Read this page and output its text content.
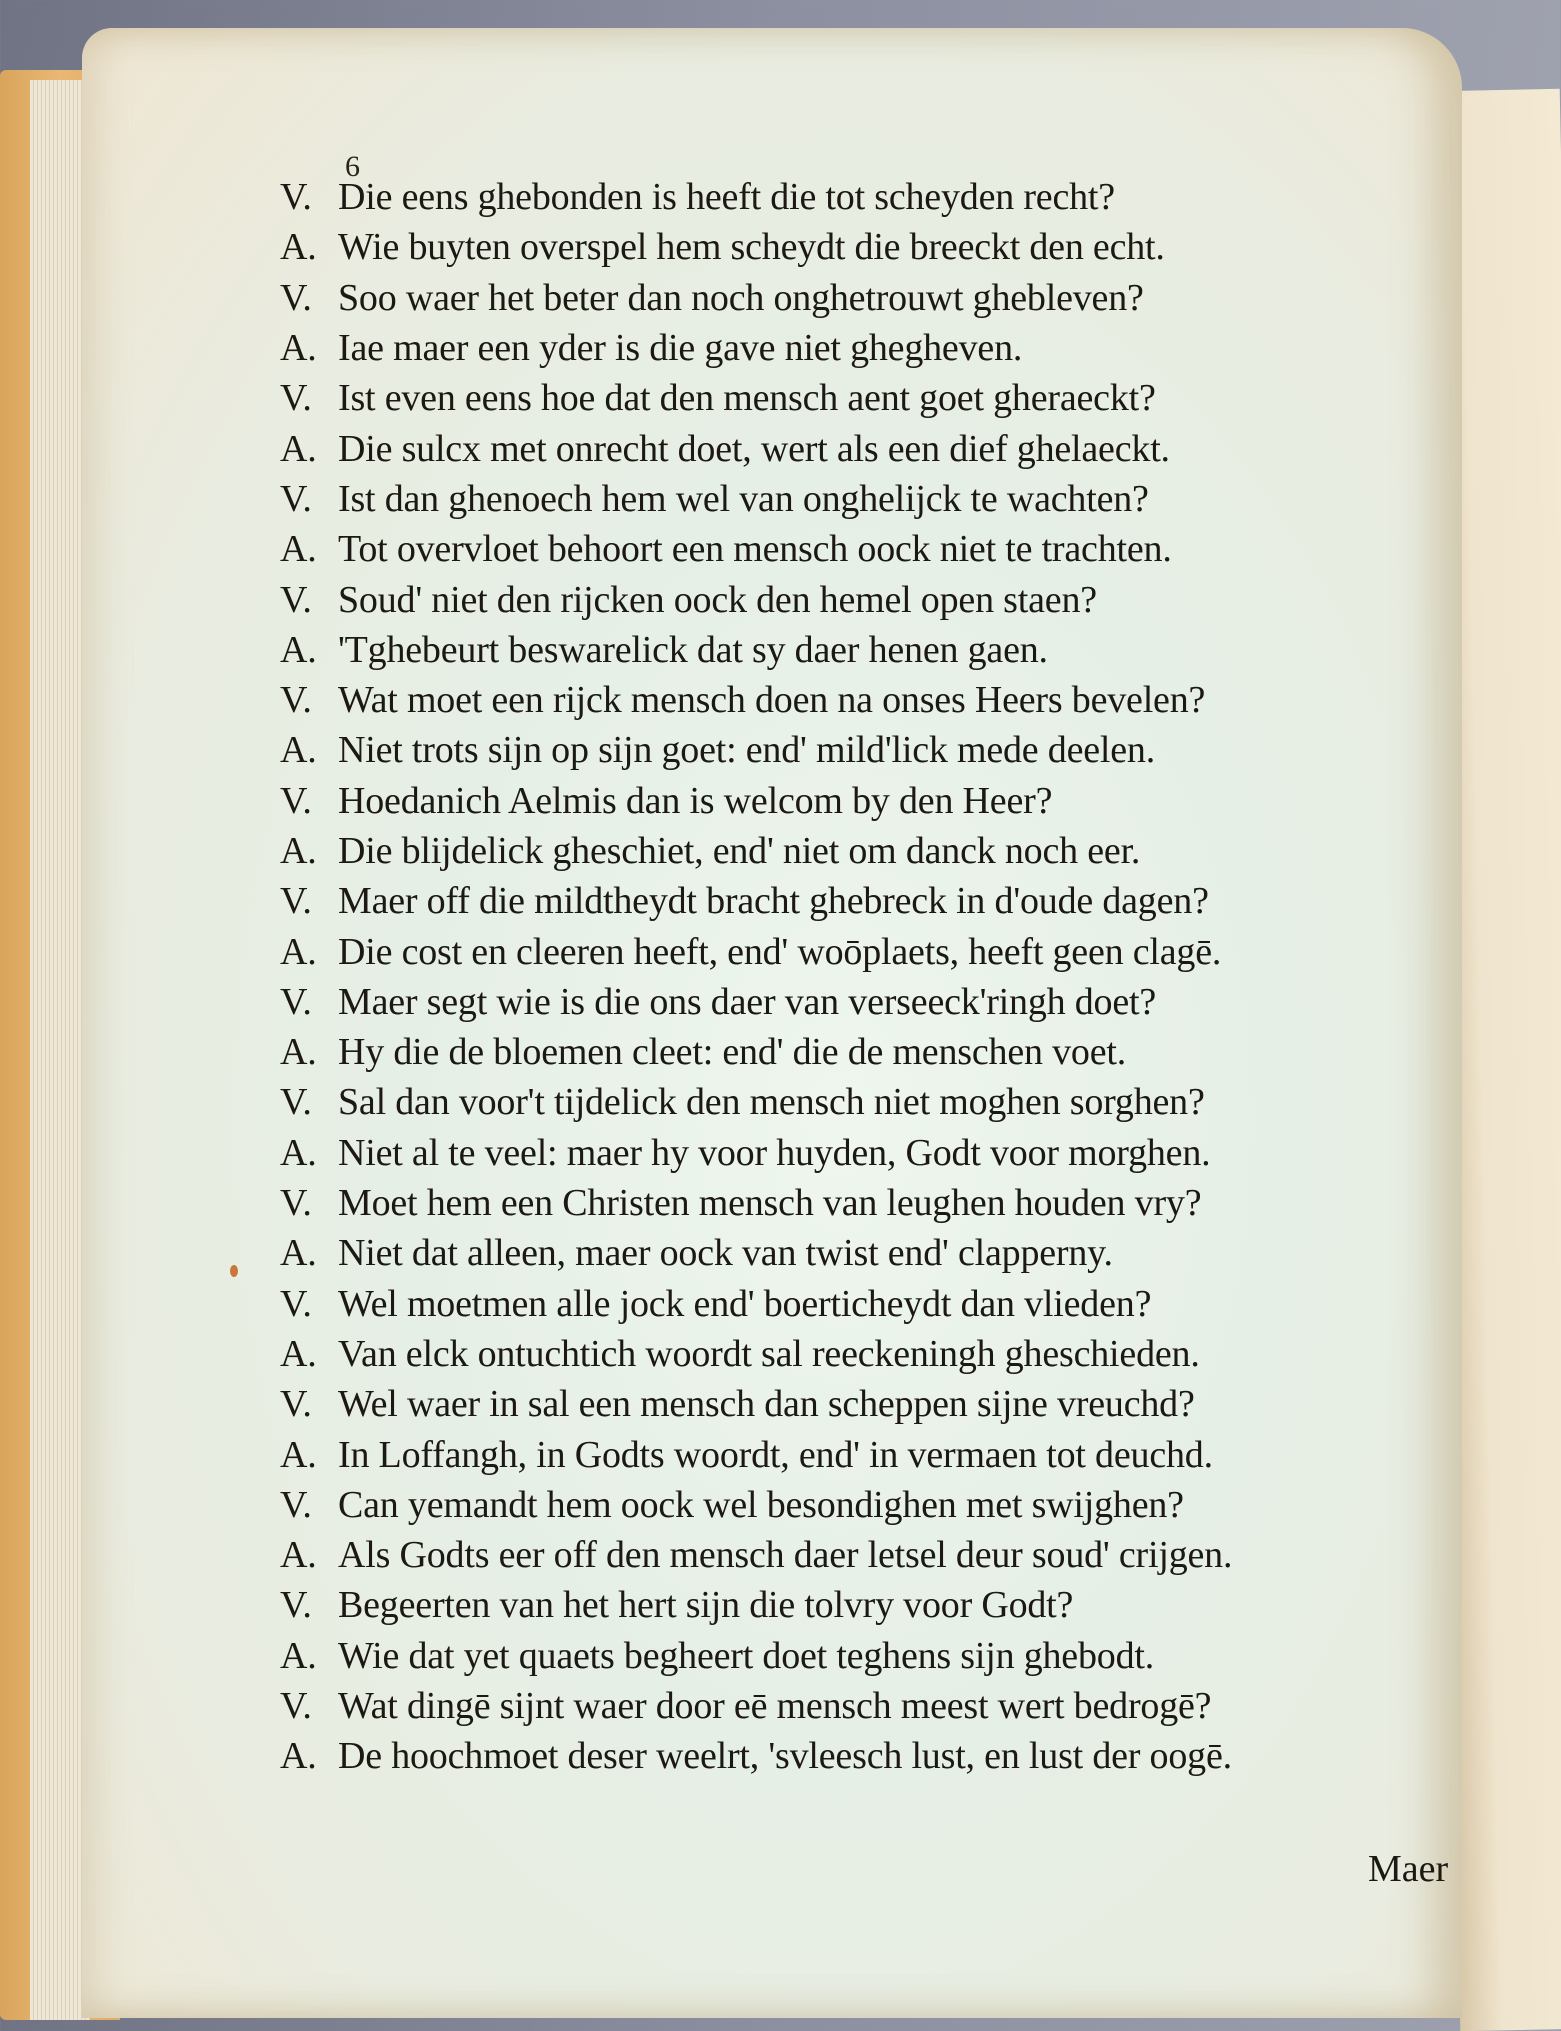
6
V. Die eens ghebonden is heeft die tot scheyden recht?
A. Wie buyten overspel hem scheydt die breeckt den echt.
V. Soo waer het beter dan noch onghetrouwt ghebleven?
A. Iae maer een yder is die gave niet ghegheven.
V. Ist even eens hoe dat den mensch aent goet gheraeckt?
A. Die sulcx met onrecht doet, wert als een dief ghelaeckt.
V. Ist dan ghenoech hem wel van onghelijck te wachten?
A. Tot overvloet behoort een mensch oock niet te trachten.
V. Soud' niet den rijcken oock den hemel open staen?
A. 'Tghebeurt beswarelick dat sy daer henen gaen.
V. Wat moet een rijck mensch doen na onses Heers bevelen?
A. Niet trots sijn op sijn goet: end' mild'lick mede deelen.
V. Hoedanich Aelmis dan is welcom by den Heer?
A. Die blijdelick gheschiet, end' niet om danck noch eer.
V. Maer off die mildtheydt bracht ghebreck in d'oude dagen?
A. Die cost en cleeren heeft, end' woōplaets, heeft geen clagē.
V. Maer segt wie is die ons daer van verseeck'ringh doet?
A. Hy die de bloemen cleet: end' die de menschen voet.
V. Sal dan voor't tijdelick den mensch niet moghen sorghen?
A. Niet al te veel: maer hy voor huyden, Godt voor morghen.
V. Moet hem een Christen mensch van leughen houden vry?
A. Niet dat alleen, maer oock van twist end' clapperny.
V. Wel moetmen alle jock end' boerticheydt dan vlieden?
A. Van elck ontuchtich woordt sal reeckeningh gheschieden.
V. Wel waer in sal een mensch dan scheppen sijne vreuchd?
A. In Loffangh, in Godts woordt, end' in vermaen tot deuchd.
V. Can yemandt hem oock wel besondighen met swijghen?
A. Als Godts eer off den mensch daer letsel deur soud' crijgen.
V. Begeerten van het hert sijn die tolvry voor Godt?
A. Wie dat yet quaets begheert doet teghens sijn ghebodt.
V. Wat dingē sijnt waer door eē mensch meest wert bedrogē?
A. De hoochmoet deser weelrt, 'svleesch lust, en lust der oogē.
Maer
